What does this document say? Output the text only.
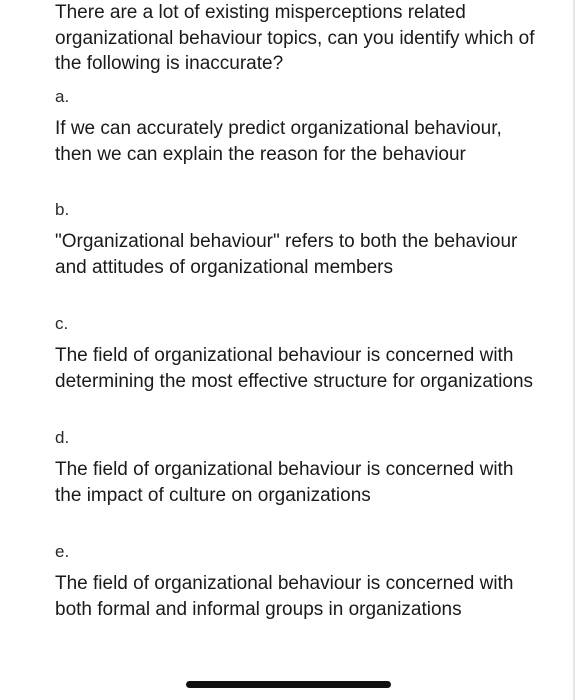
There are a lot of existing misperceptions related organizational behaviour topics, can you identify which of the following is inaccurate?
a.
If we can accurately predict organizational behaviour, then we can explain the reason for the behaviour
b.
"Organizational behaviour" refers to both the behaviour and attitudes of organizational members
c.
The field of organizational behaviour is concerned with determining the most effective structure for organizations
d.
The field of organizational behaviour is concerned with the impact of culture on organizations
e.
The field of organizational behaviour is concerned with both formal and informal groups in organizations
